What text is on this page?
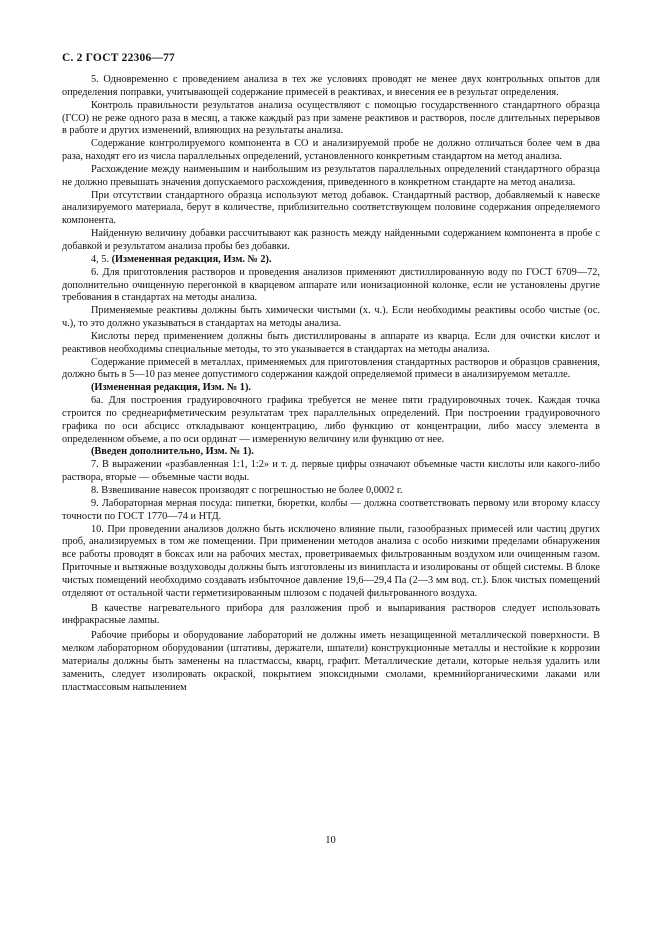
С. 2 ГОСТ 22306—77

5. Одновременно с проведением анализа в тех же условиях проводят не менее двух контрольных опытов для определения поправки, учитывающей содержание примесей в реактивах, и внесения ее в результат определения.

Контроль правильности результатов анализа осуществляют с помощью государственного стандартного образца (ГСО) не реже одного раза в месяц, а также каждый раз при замене реактивов и растворов, после длительных перерывов в работе и других изменений, влияющих на результаты анализа.

Содержание контролируемого компонента в СО и анализируемой пробе не должно отличаться более чем в два раза, находят его из числа параллельных определений, установленного конкретным стандартом на метод анализа.

Расхождение между наименьшим и наибольшим из результатов параллельных определений стандартного образца не должно превышать значения допускаемого расхождения, приведенного в конкретном стандарте на метод анализа.

При отсутствии стандартного образца используют метод добавок. Стандартный раствор, добавляемый к навеске анализируемого материала, берут в количестве, приблизительно соответствующем половине содержания определяемого компонента.

Найденную величину добавки рассчитывают как разность между найденными содержанием компонента в пробе с добавкой и результатом анализа пробы без добавки.

4, 5. (Измененная редакция, Изм. № 2).

6. Для приготовления растворов и проведения анализов применяют дистиллированную воду по ГОСТ 6709—72, дополнительно очищенную перегонкой в кварцевом аппарате или ионизационной колонке, если не установлены другие требования в стандартах на методы анализа.

Применяемые реактивы должны быть химически чистыми (х. ч.). Если необходимы реактивы особо чистые (ос. ч.), то это должно указываться в стандартах на методы анализа.

Кислоты перед применением должны быть дистиллированы в аппарате из кварца. Если для очистки кислот и реактивов необходимы специальные методы, то это указывается в стандартах на методы анализа.

Содержание примесей в металлах, применяемых для приготовления стандартных растворов и образцов сравнения, должно быть в 5—10 раз менее допустимого содержания каждой определяемой примеси в анализируемом металле.

(Измененная редакция, Изм. № 1).

6а. Для построения градуировочного графика требуется не менее пяти градуировочных точек. Каждая точка строится по среднеарифметическим результатам трех параллельных определений. При построении градуировочного графика по оси абсцисс откладывают концентрацию, либо функцию от концентрации, либо массу элемента в определенном объеме, а по оси ординат — измеренную величину или функцию от нее.

(Введен дополнительно, Изм. № 1).

7. В выражении «разбавленная 1:1, 1:2» и т. д. первые цифры означают объемные части кислоты или какого-либо раствора, вторые — объемные части воды.

8. Взвешивание навесок производят с погрешностью не более 0,0002 г.

9. Лабораторная мерная посуда: пипетки, бюретки, колбы — должна соответствовать первому или второму классу точности по ГОСТ 1770—74 и НТД.

10. При проведении анализов должно быть исключено влияние пыли, газообразных примесей или частиц других проб, анализируемых в том же помещении. При применении методов анализа с особо низкими пределами обнаружения все работы проводят в боксах или на рабочих местах, проветриваемых фильтрованным воздухом или очищенным газом. Приточные и вытяжные воздуховоды должны быть изготовлены из винипласта и изолированы от общей системы. В блоке чистых помещений необходимо создавать избыточное давление 19,6—29,4 Па (2—3 мм вод. ст.). Блок чистых помещений отделяют от остальной части герметизированным шлюзом с подачей фильтрованного воздуха.

В качестве нагревательного прибора для разложения проб и выпаривания растворов следует использовать инфракрасные лампы.

Рабочие приборы и оборудование лабораторий не должны иметь незащищенной металлической поверхности. В мелком лабораторном оборудовании (штативы, держатели, шпатели) конструкционные металлы и нестойкие к коррозии материалы должны быть заменены на пластмассы, кварц, графит. Металлические детали, которые нельзя удалить или заменить, следует изолировать окраской, покрытием эпоксидными смолами, кремнийорганическими лаками или пластмассовым напылением

10
